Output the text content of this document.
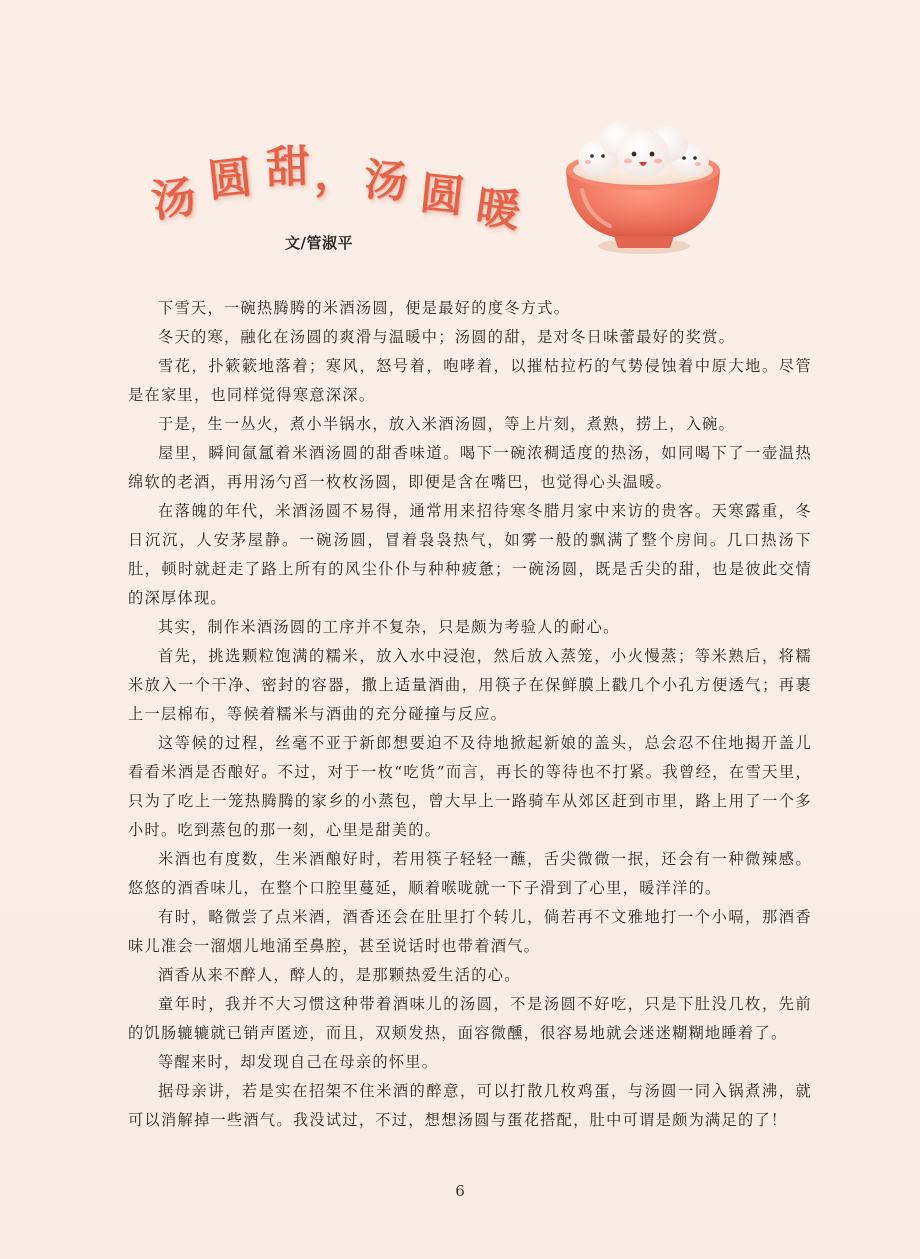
汤 圆 甜 ， 汤 圆 暖
文/管淑平

下雪天，一碗热腾腾的米酒汤圆，便是最好的度冬方式。

冬天的寒，融化在汤圆的爽滑与温暖中；汤圆的甜，是对冬日味蕾最好的奖赏。

雪花，扑簌簌地落着；寒风，怒号着，咆哮着，以摧枯拉朽的气势侵蚀着中原大地。尽管是在家里，也同样觉得寒意深深。

于是，生一丛火，煮小半锅水，放入米酒汤圆，等上片刻，煮熟，捞上，入碗。

屋里，瞬间氤氲着米酒汤圆的甜香味道。喝下一碗浓稠适度的热汤，如同喝下了一壶温热绵软的老酒，再用汤勺舀一枚枚汤圆，即便是含在嘴巴，也觉得心头温暖。

在落魄的年代，米酒汤圆不易得，通常用来招待寒冬腊月家中来访的贵客。天寒露重，冬日沉沉，人安茅屋静。一碗汤圆，冒着袅袅热气，如雾一般的飘满了整个房间。几口热汤下肚，顿时就赶走了路上所有的风尘仆仆与种种疲惫；一碗汤圆，既是舌尖的甜，也是彼此交情的深厚体现。

其实，制作米酒汤圆的工序并不复杂，只是颇为考验人的耐心。

首先，挑选颗粒饱满的糯米，放入水中浸泡，然后放入蒸笼，小火慢蒸；等米熟后，将糯米放入一个干净、密封的容器，撒上适量酒曲，用筷子在保鲜膜上戳几个小孔方便透气；再裹上一层棉布，等候着糯米与酒曲的充分碰撞与反应。

这等候的过程，丝毫不亚于新郎想要迫不及待地掀起新娘的盖头，总会忍不住地揭开盖儿看看米酒是否酿好。不过，对于一枚“吃货”而言，再长的等待也不打紧。我曾经，在雪天里，只为了吃上一笼热腾腾的家乡的小蒸包，曾大早上一路骑车从郊区赶到市里，路上用了一个多小时。吃到蒸包的那一刻，心里是甜美的。

米酒也有度数，生米酒酿好时，若用筷子轻轻一蘸，舌尖微微一抿，还会有一种微辣感。悠悠的酒香味儿，在整个口腔里蔓延，顺着喉咙就一下子滑到了心里，暖洋洋的。

有时，略微尝了点米酒，酒香还会在肚里打个转儿，倘若再不文雅地打一个小嗝，那酒香味儿准会一溜烟儿地涌至鼻腔，甚至说话时也带着酒气。

酒香从来不醉人，醉人的，是那颗热爱生活的心。

童年时，我并不大习惯这种带着酒味儿的汤圆，不是汤圆不好吃，只是下肚没几枚，先前的饥肠辘辘就已销声匿迹，而且，双颊发热，面容微醺，很容易地就会迷迷糊糊地睡着了。

等醒来时，却发现自己在母亲的怀里。

据母亲讲，若是实在招架不住米酒的醉意，可以打散几枚鸡蛋，与汤圆一同入锅煮沸，就可以消解掉一些酒气。我没试过，不过，想想汤圆与蛋花搭配，肚中可谓是颇为满足的了！

6
